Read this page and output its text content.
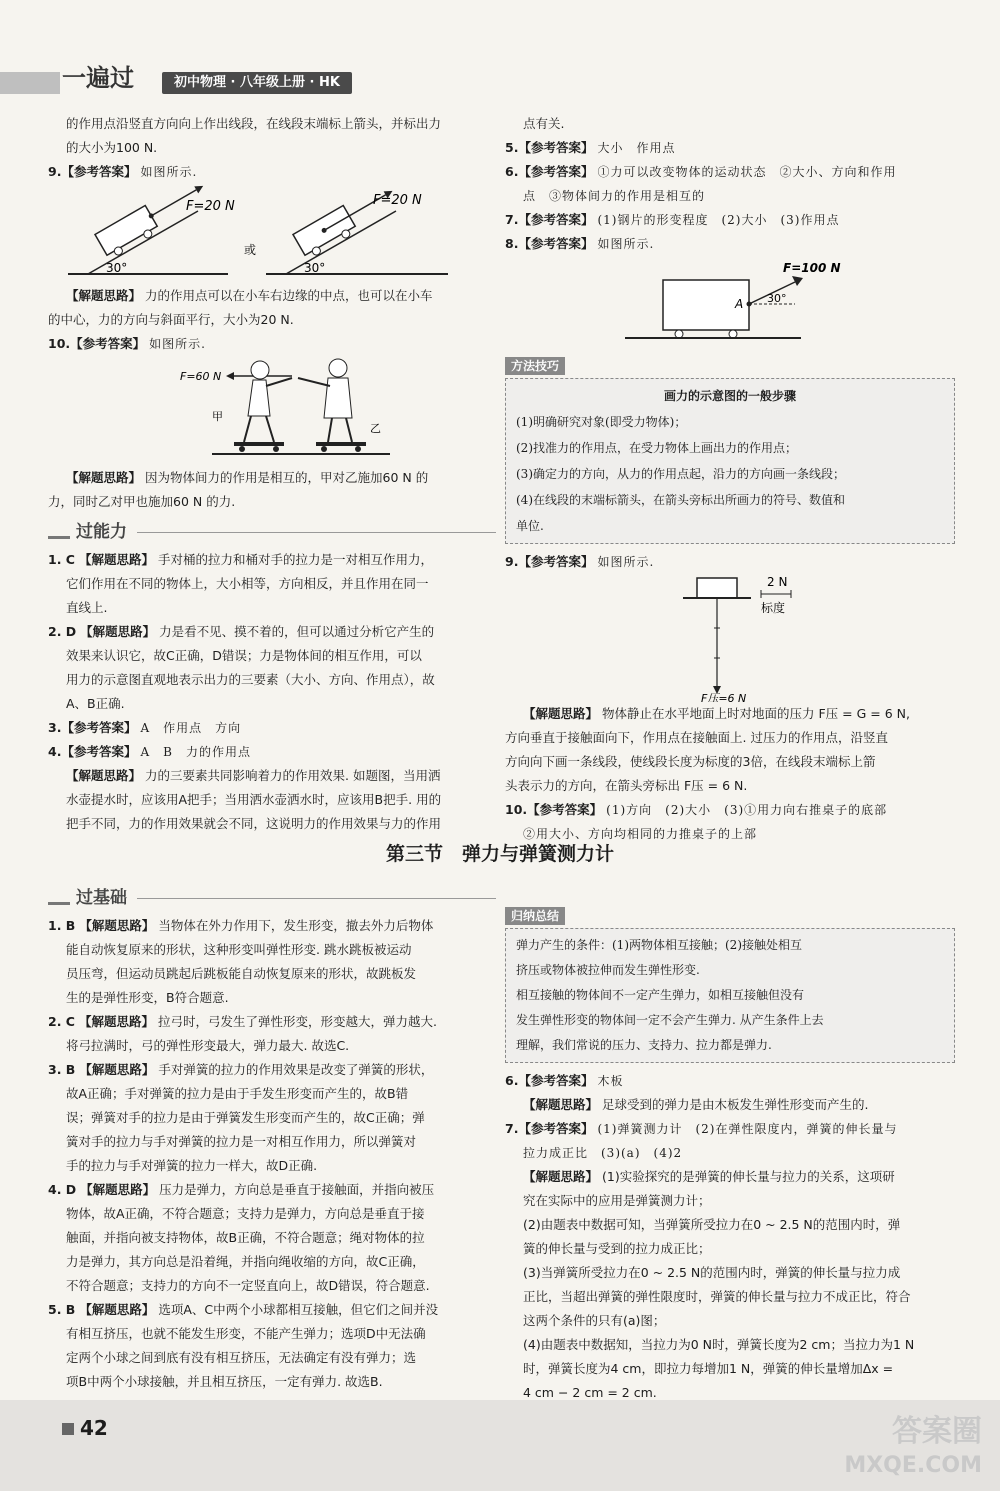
一遍过	初中物理 · 八年级上册 · HK

的作用点沿竖直方向向上作出线段，在线段末端标上箭头，并标出力

的大小为100 N.

9.【参考答案】 如图所示.

F=20 N
30°
或
F=20 N
30°

【解题思路】 力的作用点可以在小车右边缘的中点，也可以在小车

的中心，力的方向与斜面平行，大小为20 N.

10.【参考答案】 如图所示.

F=60 N
甲
乙

【解题思路】 因为物体间力的作用是相互的，甲对乙施加60 N 的

力，同时乙对甲也施加60 N 的力.

过能力

1. C 【解题思路】 手对桶的拉力和桶对手的拉力是一对相互作用力，

它们作用在不同的物体上，大小相等，方向相反，并且作用在同一

直线上.

2. D 【解题思路】 力是看不见、摸不着的，但可以通过分析它产生的

效果来认识它，故C正确，D错误；力是物体间的相互作用，可以

用力的示意图直观地表示出力的三要素（大小、方向、作用点），故

A、B正确.

3.【参考答案】 A　作用点　方向

4.【参考答案】 A　B　力的作用点

【解题思路】 力的三要素共同影响着力的作用效果. 如题图，当用洒

水壶提水时，应该用A把手；当用洒水壶洒水时，应该用B把手. 用的

把手不同，力的作用效果就会不同，这说明力的作用效果与力的作用

点有关.

5.【参考答案】 大小　作用点

6.【参考答案】 ①力可以改变物体的运动状态　②大小、方向和作用

点　③物体间力的作用是相互的

7.【参考答案】 (1)钢片的形变程度　(2)大小　(3)作用点

8.【参考答案】 如图所示.

F=100 N
A 30°
方法技巧
画力的示意图的一般步骤
(1)明确研究对象(即受力物体)；
(2)找准力的作用点，在受力物体上画出力的作用点；
(3)确定力的方向，从力的作用点起，沿力的方向画一条线段；
(4)在线段的末端标箭头，在箭头旁标出所画力的符号、数值和
单位.

9.【参考答案】 如图所示.

2 N
标度
F压=6 N

【解题思路】 物体静止在水平地面上时对地面的压力 F压 = G = 6 N,

方向垂直于接触面向下，作用点在接触面上. 过压力的作用点，沿竖直

方向向下画一条线段，使线段长度为标度的3倍，在线段末端标上箭

头表示力的方向，在箭头旁标出 F压 = 6 N.

10.【参考答案】 (1)方向　(2)大小　(3)①用力向右推桌子的底部

②用大小、方向均相同的力推桌子的上部

第三节　弹力与弹簧测力计
过基础

1. B 【解题思路】 当物体在外力作用下，发生形变，撤去外力后物体

能自动恢复原来的形状，这种形变叫弹性形变. 跳水跳板被运动

员压弯，但运动员跳起后跳板能自动恢复原来的形状，故跳板发

生的是弹性形变，B符合题意.

2. C 【解题思路】 拉弓时，弓发生了弹性形变，形变越大，弹力越大.

将弓拉满时，弓的弹性形变最大，弹力最大. 故选C.

3. B 【解题思路】 手对弹簧的拉力的作用效果是改变了弹簧的形状，

故A正确；手对弹簧的拉力是由于手发生形变而产生的，故B错

误；弹簧对手的拉力是由于弹簧发生形变而产生的，故C正确；弹

簧对手的拉力与手对弹簧的拉力是一对相互作用力，所以弹簧对

手的拉力与手对弹簧的拉力一样大，故D正确.

4. D 【解题思路】 压力是弹力，方向总是垂直于接触面，并指向被压

物体，故A正确，不符合题意；支持力是弹力，方向总是垂直于接

触面，并指向被支持物体，故B正确，不符合题意；绳对物体的拉

力是弹力，其方向总是沿着绳，并指向绳收缩的方向，故C正确，

不符合题意；支持力的方向不一定竖直向上，故D错误，符合题意.

5. B 【解题思路】 选项A、C中两个小球都相互接触，但它们之间并没

有相互挤压，也就不能发生形变，不能产生弹力；选项D中无法确

定两个小球之间到底有没有相互挤压，无法确定有没有弹力；选

项B中两个小球接触，并且相互挤压，一定有弹力. 故选B.

归纳总结
弹力产生的条件：(1)两物体相互接触；(2)接触处相互
挤压或物体被拉伸而发生弹性形变.
相互接触的物体间不一定产生弹力，如相互接触但没有
发生弹性形变的物体间一定不会产生弹力. 从产生条件上去
理解，我们常说的压力、支持力、拉力都是弹力.

6.【参考答案】 木板

【解题思路】 足球受到的弹力是由木板发生弹性形变而产生的.

7.【参考答案】 (1)弹簧测力计　(2)在弹性限度内，弹簧的伸长量与

拉力成正比　(3)(a)　(4)2

【解题思路】 (1)实验探究的是弹簧的伸长量与拉力的关系，这项研

究在实际中的应用是弹簧测力计；

(2)由题表中数据可知，当弹簧所受拉力在0 ~ 2.5 N的范围内时，弹

簧的伸长量与受到的拉力成正比；

(3)当弹簧所受拉力在0 ~ 2.5 N的范围内时，弹簧的伸长量与拉力成

正比，当超出弹簧的弹性限度时，弹簧的伸长量与拉力不成正比，符合

这两个条件的只有(a)图；

(4)由题表中数据知，当拉力为0 N时，弹簧长度为2 cm；当拉力为1 N

时，弹簧长度为4 cm，即拉力每增加1 N，弹簧的伸长量增加Δx =

4 cm − 2 cm = 2 cm.

42	答案圈
MXQE.COM
